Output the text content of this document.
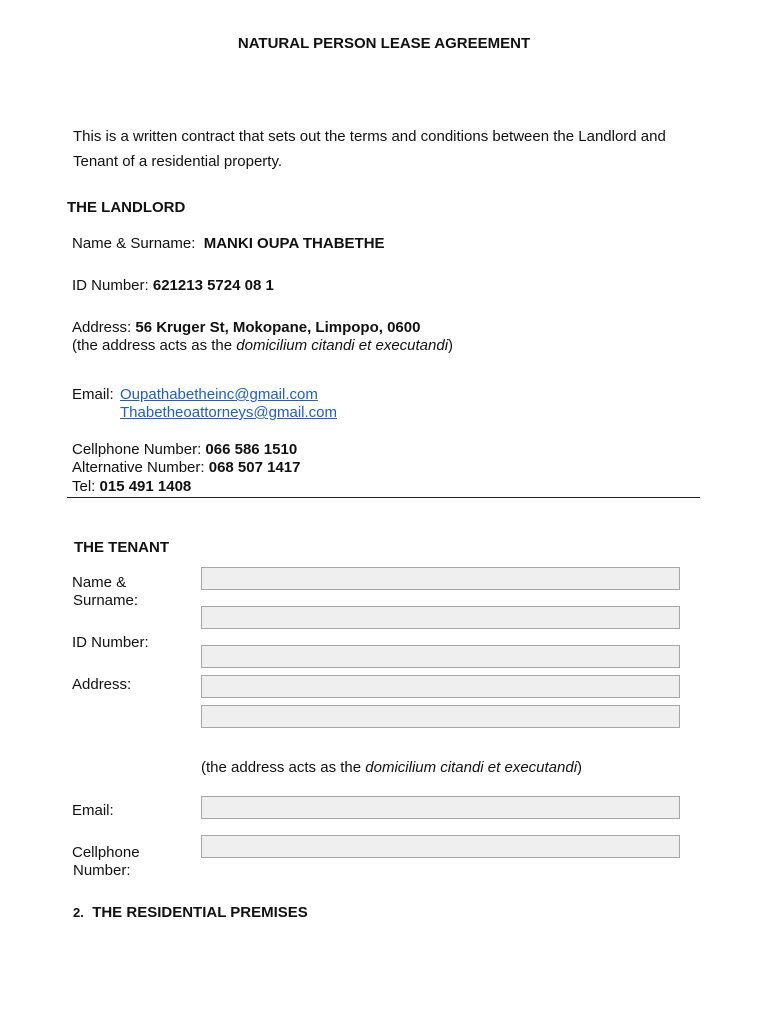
NATURAL PERSON LEASE AGREEMENT
This is a written contract that sets out the terms and conditions between the Landlord and
Tenant of a residential property.
THE LANDLORD
Name & Surname: MANKI OUPA THABETHE
ID Number: 621213 5724 08 1
Address: 56 Kruger St, Mokopane, Limpopo, 0600
(the address acts as the domicilium citandi et executandi)
Email: Oupathabetheinc@gmail.com
Thabetheoattorneys@gmail.com
Cellphone Number: 066 586 1510
Alternative Number: 068 507 1417
Tel: 015 491 1408
THE TENANT
Name &
Surname:
ID Number:
Address:
(the address acts as the domicilium citandi et executandi)
Email:
Cellphone
Number:
2. THE RESIDENTIAL PREMISES
